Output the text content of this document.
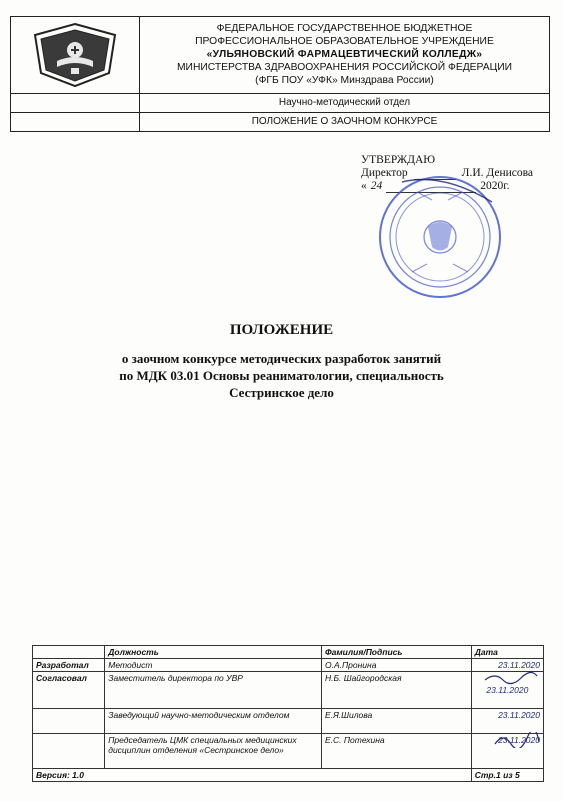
ФЕДЕРАЛЬНОЕ ГОСУДАРСТВЕННОЕ БЮДЖЕТНОЕ
ПРОФЕССИОНАЛЬНОЕ ОБРАЗОВАТЕЛЬНОЕ УЧРЕЖДЕНИЕ
«УЛЬЯНОВСКИЙ ФАРМАЦЕВТИЧЕСКИЙ КОЛЛЕДЖ»
МИНИСТЕРСТВА ЗДРАВООХРАНЕНИЯ РОССИЙСКОЙ ФЕДЕРАЦИИ
(ФГБ ПОУ «УФК» Минздрава России)
Научно-методический отдел
ПОЛОЖЕНИЕ О ЗАОЧНОМ КОНКУРСЕ
УТВЕРЖДАЮ
Директор	Л.И. Денисова
« 24	2020г.
ПОЛОЖЕНИЕ
о заочном конкурсе методических разработок занятий
по МДК 03.01 Основы реаниматологии, специальность
Сестринское дело
	Должность	Фамилия/Подпись	Дата
Разработал	Методист	О.А.Пронина	23.11.2020

Согласовал	Заместитель директора по УВР	Н.Б. Шайгородская	23.11.2020

	Заведующий научно-методическим отделом	Е.Я.Шилова	23.11.2020

	Председатель ЦМК специальных медицинских дисциплин отделения «Сестринское дело»	Е.С. Потехина	23.11.2020

Версия: 1.0			Стр.1 из 5
